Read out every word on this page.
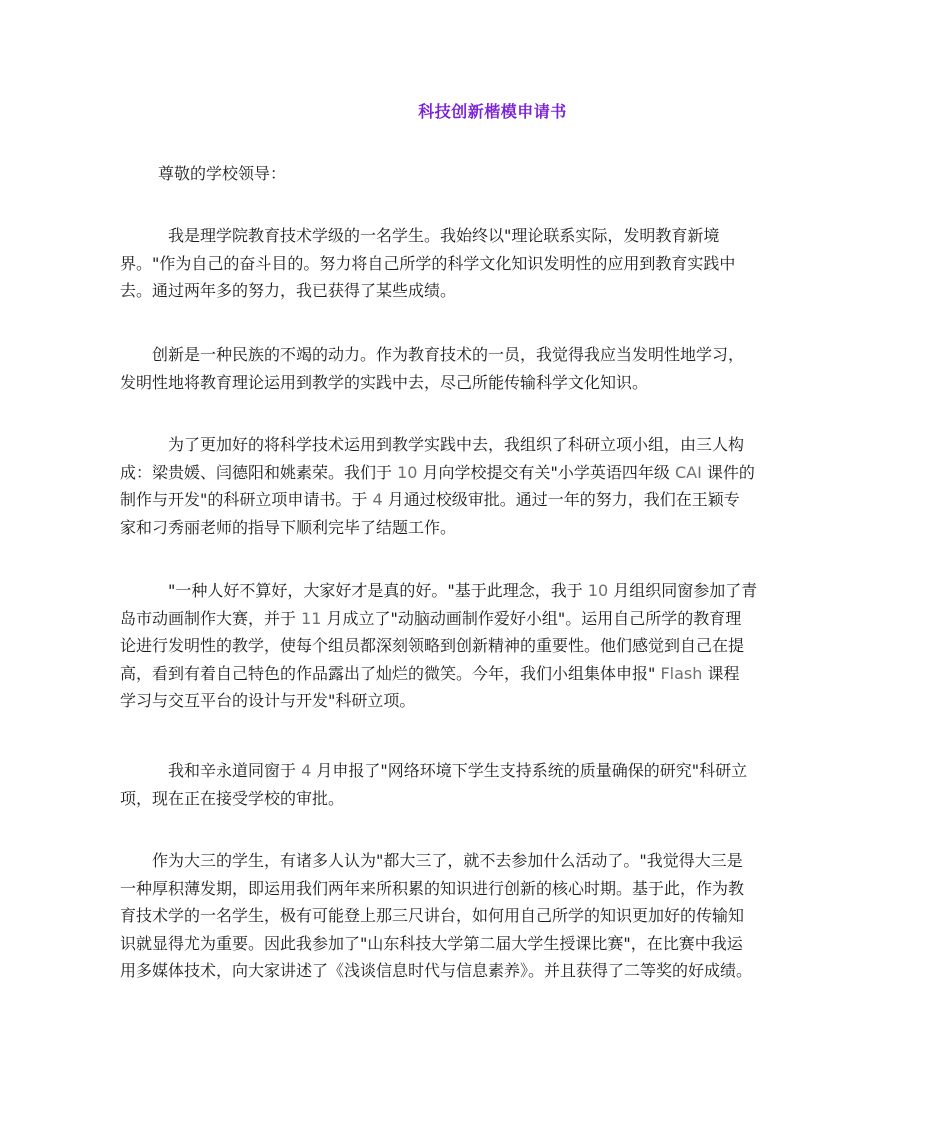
科技创新楷模申请书
尊敬的学校领导：
　　　我是理学院教育技术学级的一名学生。我始终以"理论联系实际，发明教育新境
界。"作为自己的奋斗目的。努力将自己所学的科学文化知识发明性的应用到教育实践中
去。通过两年多的努力，我已获得了某些成绩。
　　创新是一种民族的不竭的动力。作为教育技术的一员，我觉得我应当发明性地学习，
发明性地将教育理论运用到教学的实践中去，尽己所能传输科学文化知识。
　　　为了更加好的将科学技术运用到教学实践中去，我组织了科研立项小组，由三人构
成：梁贵媛、闫德阳和姚素荣。我们于 10 月向学校提交有关"小学英语四年级 CAI 课件的
制作与开发"的科研立项申请书。于 4 月通过校级审批。通过一年的努力，我们在王颖专
家和刁秀丽老师的指导下顺利完毕了结题工作。
　　　"一种人好不算好，大家好才是真的好。"基于此理念，我于 10 月组织同窗参加了青
岛市动画制作大赛，并于 11 月成立了"动脑动画制作爱好小组"。运用自己所学的教育理
论进行发明性的教学，使每个组员都深刻领略到创新精神的重要性。他们感觉到自己在提
高，看到有着自己特色的作品露出了灿烂的微笑。今年，我们小组集体申报" Flash 课程
学习与交互平台的设计与开发"科研立项。
　　　我和辛永道同窗于 4 月申报了"网络环境下学生支持系统的质量确保的研究"科研立
项，现在正在接受学校的审批。
　　作为大三的学生，有诸多人认为"都大三了，就不去参加什么活动了。"我觉得大三是
一种厚积薄发期，即运用我们两年来所积累的知识进行创新的核心时期。基于此，作为教
育技术学的一名学生，极有可能登上那三尺讲台，如何用自己所学的知识更加好的传输知
识就显得尤为重要。因此我参加了"山东科技大学第二届大学生授课比赛"，在比赛中我运
用多媒体技术，向大家讲述了《浅谈信息时代与信息素养》。并且获得了二等奖的好成绩。
